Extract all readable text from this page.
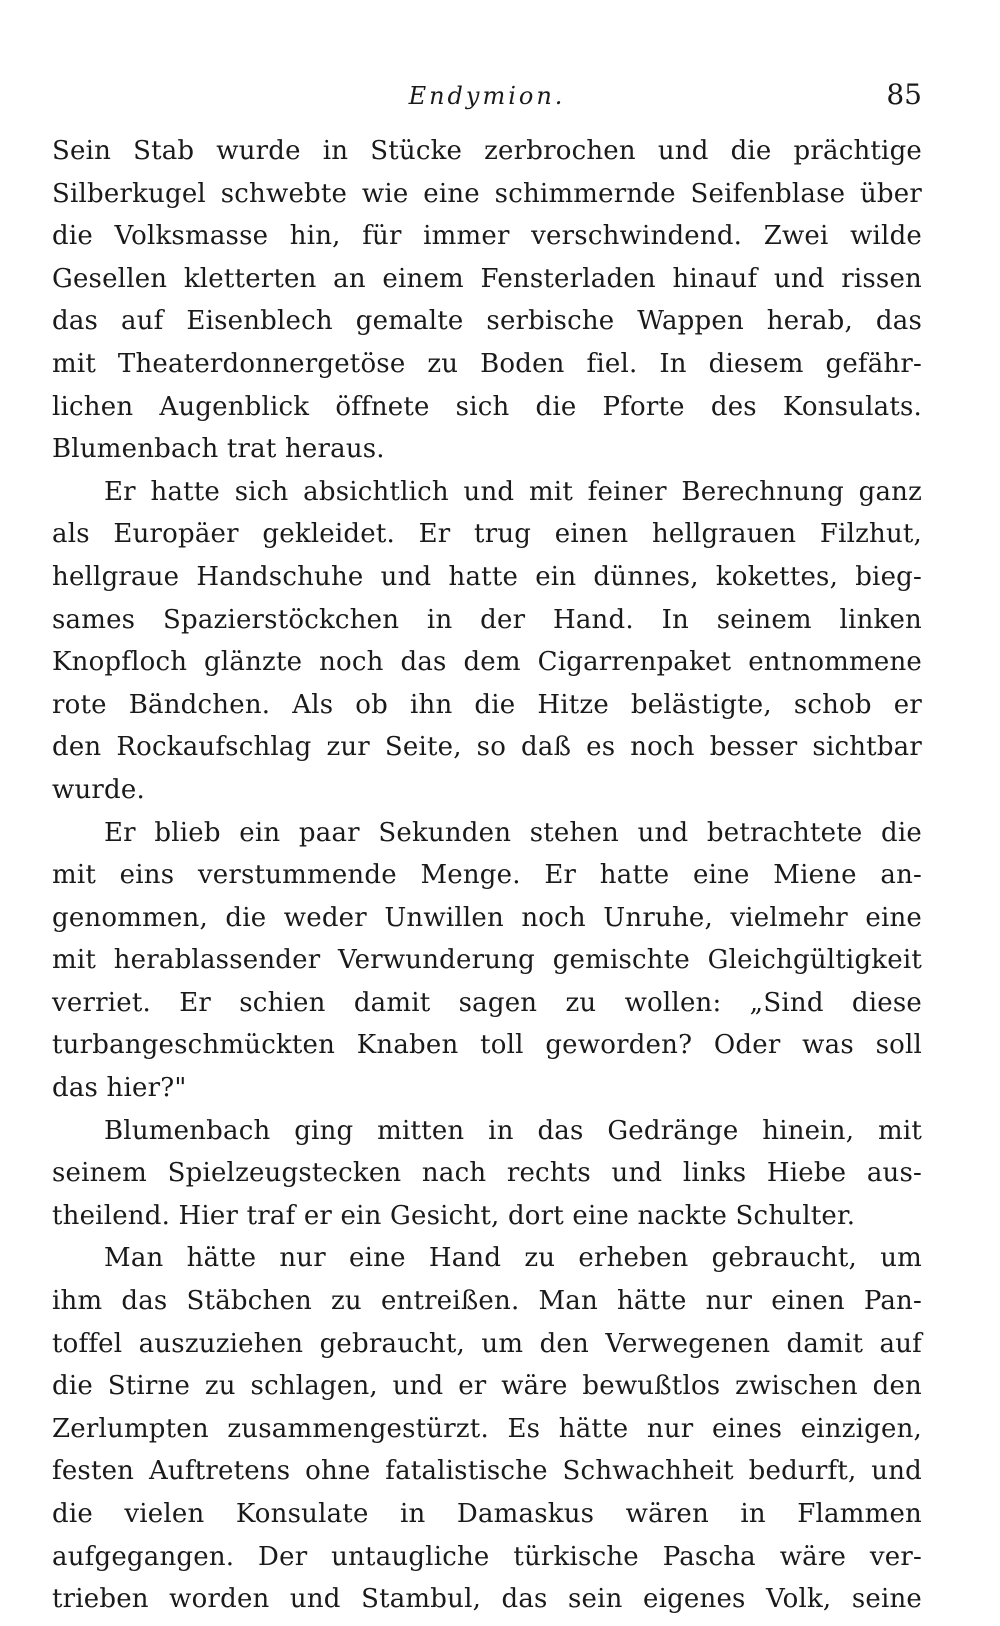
Endymion.	85
Sein Stab wurde in Stücke zerbrochen und die prächtige
Silberkugel schwebte wie eine schimmernde Seifenblase über
die Volksmasse hin, für immer verschwindend. Zwei wilde
Gesellen kletterten an einem Fensterladen hinauf und rissen
das auf Eisenblech gemalte serbische Wappen herab, das
mit Theaterdonnergetöse zu Boden fiel. In diesem gefähr-
lichen Augenblick öffnete sich die Pforte des Konsulats.
Blumenbach trat heraus.
Er hatte sich absichtlich und mit feiner Berechnung ganz
als Europäer gekleidet. Er trug einen hellgrauen Filzhut,
hellgraue Handschuhe und hatte ein dünnes, kokettes, bieg-
sames Spazierstöckchen in der Hand. In seinem linken
Knopfloch glänzte noch das dem Cigarrenpaket entnommene
rote Bändchen. Als ob ihn die Hitze belästigte, schob er
den Rockaufschlag zur Seite, so daß es noch besser sichtbar
wurde.
Er blieb ein paar Sekunden stehen und betrachtete die
mit eins verstummende Menge. Er hatte eine Miene an-
genommen, die weder Unwillen noch Unruhe, vielmehr eine
mit herablassender Verwunderung gemischte Gleichgültigkeit
verriet. Er schien damit sagen zu wollen: „Sind diese
turbangeschmückten Knaben toll geworden? Oder was soll
das hier?"
Blumenbach ging mitten in das Gedränge hinein, mit
seinem Spielzeugstecken nach rechts und links Hiebe aus-
theilend. Hier traf er ein Gesicht, dort eine nackte Schulter.
Man hätte nur eine Hand zu erheben gebraucht, um
ihm das Stäbchen zu entreißen. Man hätte nur einen Pan-
toffel auszuziehen gebraucht, um den Verwegenen damit auf
die Stirne zu schlagen, und er wäre bewußtlos zwischen den
Zerlumpten zusammengestürzt. Es hätte nur eines einzigen,
festen Auftretens ohne fatalistische Schwachheit bedurft, und
die vielen Konsulate in Damaskus wären in Flammen
aufgegangen. Der untaugliche türkische Pascha wäre ver-
trieben worden und Stambul, das sein eigenes Volk, seine
